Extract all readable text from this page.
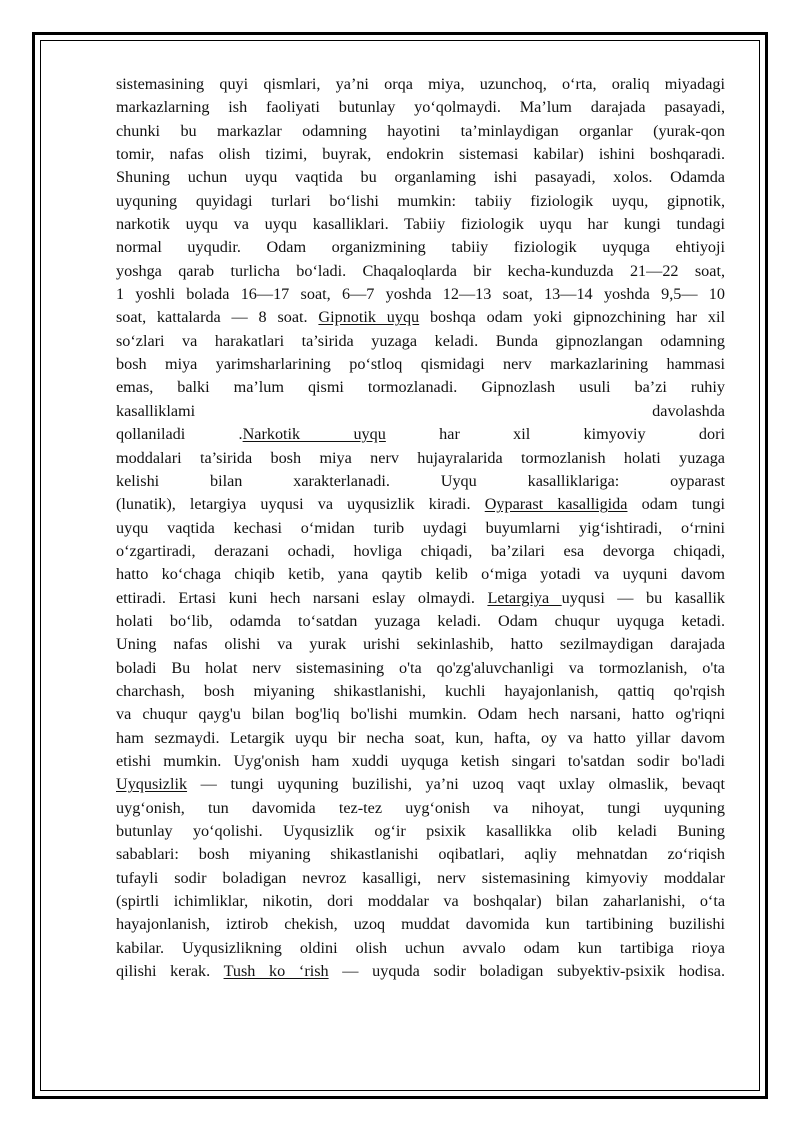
sistemasining quyi qismlari, ya’ni orqa miya, uzunchoq, o‘rta, oraliq miyadagi
markazlarning ish faoliyati butunlay yo‘qolmaydi. Ma’lum darajada pasayadi,
chunki bu markazlar odamning hayotini ta’minlaydigan organlar (yurak-qon
tomir, nafas olish tizimi, buyrak, endokrin sistemasi kabilar) ishini boshqaradi.
Shuning uchun uyqu vaqtida bu organlaming ishi pasayadi, xolos. Odamda
uyquning quyidagi turlari bo‘lishi mumkin: tabiiy fiziologik uyqu, gipnotik,
narkotik uyqu va uyqu kasalliklari. Tabiiy fiziologik uyqu har kungi tundagi
normal uyqudir. Odam organizmining tabiiy fiziologik uyquga ehtiyoji
yoshga qarab turlicha bo‘ladi. Chaqaloqlarda bir kecha-kunduzda 21—22 soat,
1 yoshli bolada 16—17 soat, 6—7 yoshda 12—13 soat, 13—14 yoshda 9,5— 10
soat, kattalarda — 8 soat. Gipnotik uyqu boshqa odam yoki gipnozchining har xil
so‘zlari va harakatlari ta’sirida yuzaga keladi. Bunda gipnozlangan odamning
bosh miya yarimsharlarining po‘stloq qismidagi nerv markazlarining hammasi
emas, balki ma’lum qismi tormozlanadi. Gipnozlash usuli ba’zi ruhiy
kasalliklami davolashda
qollaniladi .Narkotik uyqu har xil kimyoviy dori
moddalari ta’sirida bosh miya nerv hujayralarida tormozlanish holati yuzaga
kelishi bilan xarakterlanadi. Uyqu kasalliklariga: oyparast
(lunatik), letargiya uyqusi va uyqusizlik kiradi. Oyparast kasalligida odam tungi
uyqu vaqtida kechasi o‘midan turib uydagi buyumlarni yig‘ishtiradi, o‘rnini
o‘zgartiradi, derazani ochadi, hovliga chiqadi, ba’zilari esa devorga chiqadi,
hatto ko‘chaga chiqib ketib, yana qaytib kelib o‘miga yotadi va uyquni davom
ettiradi. Ertasi kuni hech narsani eslay olmaydi. Letargiya uyqusi — bu kasallik
holati bo‘lib, odamda to‘satdan yuzaga keladi. Odam chuqur uyquga ketadi.
Uning nafas olishi va yurak urishi sekinlashib, hatto sezilmaydigan darajada
boladi Bu holat nerv sistemasining o'ta qo'zg'aluvchanligi va tormozlanish, o'ta
charchash, bosh miyaning shikastlanishi, kuchli hayajonlanish, qattiq qo'rqish
va chuqur qayg'u bilan bog'liq bo'lishi mumkin. Odam hech narsani, hatto og'riqni
ham sezmaydi. Letargik uyqu bir necha soat, kun, hafta, oy va hatto yillar davom
etishi mumkin. Uyg'onish ham xuddi uyquga ketish singari to'satdan sodir bo'ladi
Uyqusizlik — tungi uyquning buzilishi, ya’ni uzoq vaqt uxlay olmaslik, bevaqt
uyg‘onish, tun davomida tez-tez uyg‘onish va nihoyat, tungi uyquning
butunlay yo‘qolishi. Uyqusizlik og‘ir psixik kasallikka olib keladi Buning
sabablari: bosh miyaning shikastlanishi oqibatlari, aqliy mehnatdan zo‘riqish
tufayli sodir boladigan nevroz kasalligi, nerv sistemasining kimyoviy moddalar
(spirtli ichimliklar, nikotin, dori moddalar va boshqalar) bilan zaharlanishi, o‘ta
hayajonlanish, iztirob chekish, uzoq muddat davomida kun tartibining buzilishi
kabilar. Uyqusizlikning oldini olish uchun avvalo odam kun tartibiga rioya
qilishi kerak. Tush ko ‘rish — uyquda sodir boladigan subyektiv-psixik hodisa.
